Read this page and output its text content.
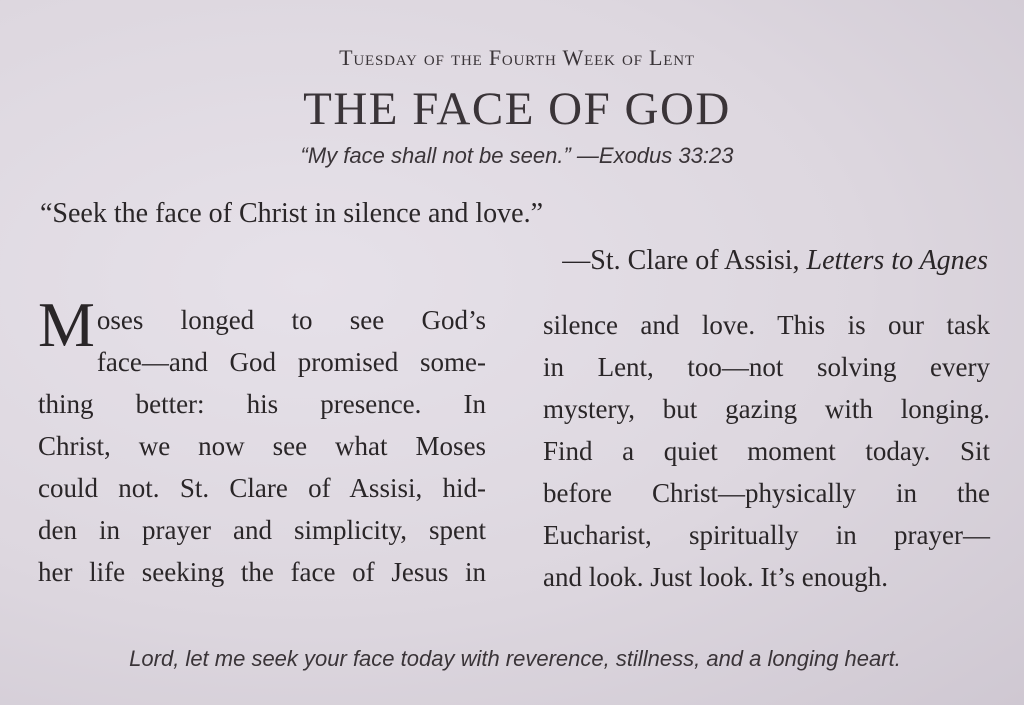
Tuesday of the Fourth Week of Lent
THE FACE OF GOD
“My face shall not be seen.” —Exodus 33:23
“Seek the face of Christ in silence and love.”
—St. Clare of Assisi, Letters to Agnes
M oses longed to see God’s
face—and God promised some-
thing better: his presence. In
Christ, we now see what Moses
could not. St. Clare of Assisi, hid-
den in prayer and simplicity, spent
her life seeking the face of Jesus in
silence and love. This is our task
in Lent, too—not solving every
mystery, but gazing with longing.
Find a quiet moment today. Sit
before Christ—physically in the
Eucharist, spiritually in prayer—
and look. Just look. It’s enough.
Lord, let me seek your face today with reverence, stillness, and a longing heart.
